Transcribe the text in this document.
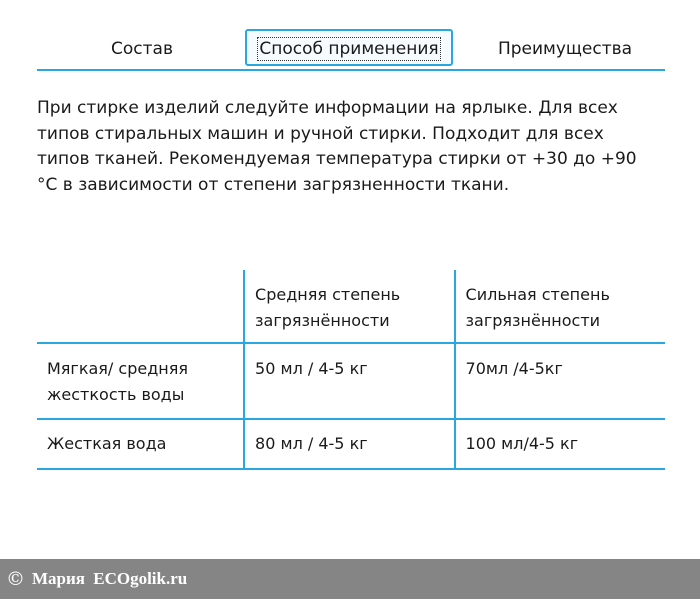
Состав	Способ применения	Преимущества

При стирке изделий следуйте информации на ярлыке. Для всех типов стиральных машин и ручной стирки. Подходит для всех типов тканей. Рекомендуемая температура стирки от +30 до +90 °С в зависимости от степени загрязненности ткани.

	Средняя степень загрязнённости	Сильная степень загрязнённости
Мягкая/ средняя жесткость воды	50 мл / 4-5 кг	70мл /4-5кг
Жесткая вода	80 мл / 4-5 кг	100 мл/4-5 кг
© Мария ECOgolik.ru
